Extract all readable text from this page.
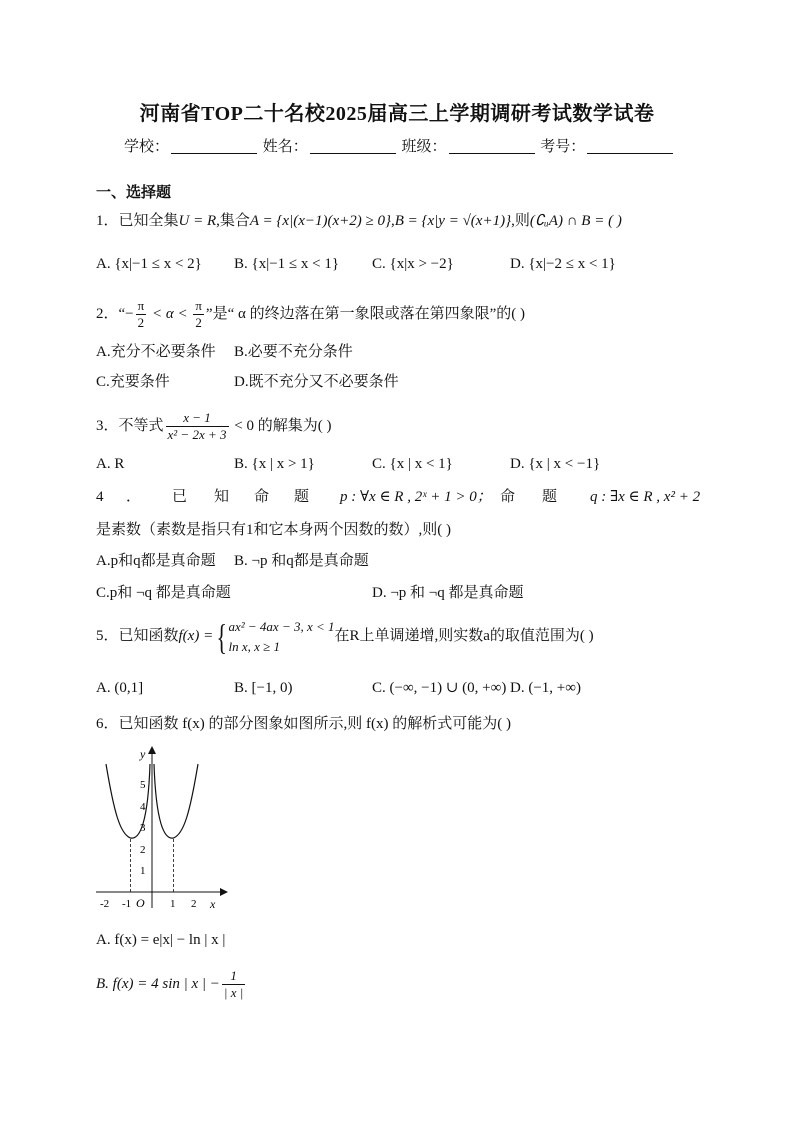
河南省TOP二十名校2025届高三上学期调研考试数学试卷
学校：	姓名：	班级：	考号：
一、选择题
1．已知全集U = R,集合A = {x|(x−1)(x+2) ≥ 0},B = {x|y = √(x+1)},则(∁ᵤA) ∩ B = ( )
A. {x|−1 ≤ x < 2} B. {x|−1 ≤ x < 1} C. {x|x > −2}	D. {x|−2 ≤ x < 1}
2．“− $\frac{\pi}{2} < \alpha < \frac{\pi}{2}$ ”是“ α 的终边落在第一象限或落在第四象限”的( )
A.充分不必要条件 B.必要不充分条件
C.充要条件	D.既不充分又不必要条件
3．不等式 $\frac{x - 1}{\text{x² − 2x + 3}} < 0$ 的解集为( )
A. R	B. {x | x > 1}	C. {x | x < 1}	D. {x | x < −1}
4 ． 已 知 命 题 p : ∀x ∈ R , 2ˣ + 1 > 0； 命 题 q : ∃x ∈ R , x² + 2
是素数（素数是指只有1和它本身两个因数的数）,则( )
A.p和q都是真命题 B. ¬p 和q都是真命题
C.p和 ¬q 都是真命题	D. ¬p 和 ¬q 都是真命题
5．已知函数f(x) ={ ax² − 4ax − 3, x < 1
ln x, x ≥ 1
在R上单调递增,则实数a的取值范围为( )
A. (0,1]	B. [−1, 0)	C. (−∞, −1) ∪ (0, +∞) D. (−1, +∞)
6．已知函数 f(x) 的部分图象如图所示,则 f(x) 的解析式可能为( )
y
x
O
1
2
3
4
5
-2 -1	1 2
A. f(x) = e|x| − ln | x |
B. f(x) = 4 sin | x | − $\frac{1}{| x |}$
